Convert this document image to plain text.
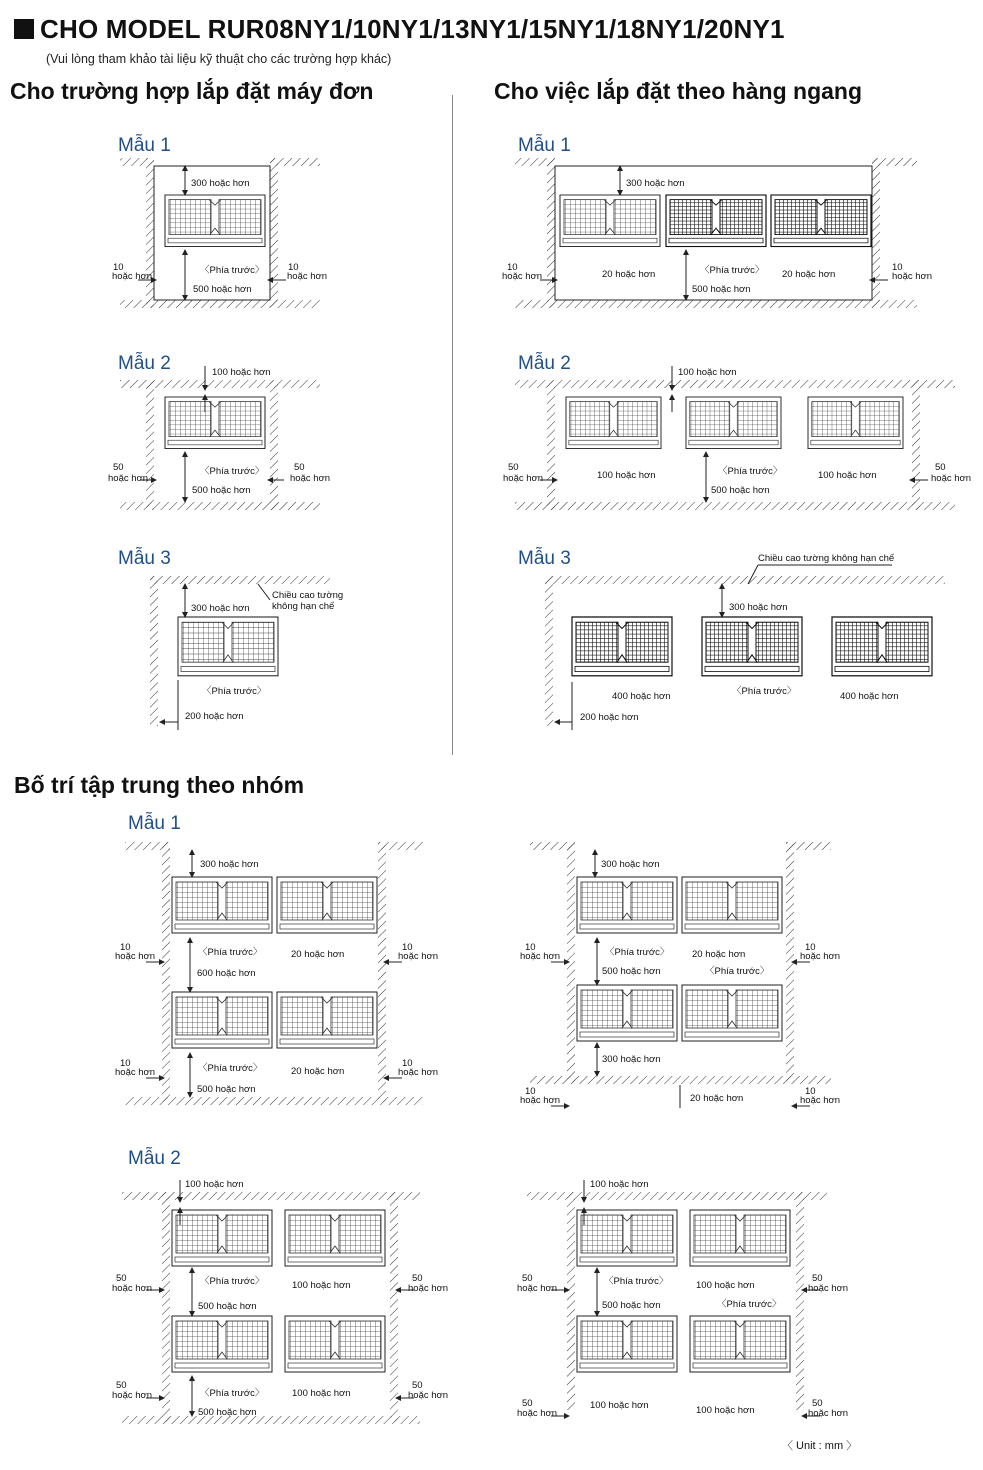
CHO MODEL RUR08NY1/10NY1/13NY1/15NY1/18NY1/20NY1
(Vui lòng tham khảo tài liệu kỹ thuật cho các trường hợp khác)
Cho trường hợp lắp đặt máy đơn	Cho việc lắp đặt theo hàng ngang
Bố trí tập trung theo nhóm
〈 Unit : mm 〉
Mẫu 1
300 hoặc hơn
〈Phía trước〉
500 hoặc hơn
10
hoặc hơn
10
hoặc hơn
Mẫu 2	100 hoặc hơn
〈Phía trước〉
500 hoặc hơn
50
hoặc hơn
50
hoặc hơn
Mẫu 3
300 hoặc hơn
Chiều cao tường
không hạn chế
〈Phía trước〉
200 hoặc hơn
Mẫu 1
300 hoặc hơn
〈Phía trước〉
500 hoặc hơn
20 hoặc hơn	20 hoặc hơn
10
hoặc hơn
10
hoặc hơn
Mẫu 2	100 hoặc hơn
〈Phía trước〉
500 hoặc hơn
100 hoặc hơn	100 hoặc hơn
50
hoặc hơn
50
hoặc hơn
Mẫu 3
300 hoặc hơn
Chiều cao tường không hạn chế
〈Phía trước〉
400 hoặc hơn	400 hoặc hơn
200 hoặc hơn
Mẫu 1
300 hoặc hơn
〈Phía trước〉
600 hoặc hơn
20 hoặc hơn
〈Phía trước〉
500 hoặc hơn
20 hoặc hơn
10
hoặc hơn
10
hoặc hơn
10
hoặc hơn
10
hoặc hơn
300 hoặc hơn
〈Phía trước〉
500 hoặc hơn
20 hoặc hơn
〈Phía trước〉
300 hoặc hơn
20 hoặc hơn
10
hoặc hơn
10
hoặc hơn
10
hoặc hơn
10
hoặc hơn
Mẫu 2
100 hoặc hơn
〈Phía trước〉
500 hoặc hơn
100 hoặc hơn
〈Phía trước〉
500 hoặc hơn
100 hoặc hơn
50
hoặc hơn
50
hoặc hơn
50
hoặc hơn
50
hoặc hơn
100 hoặc hơn
〈Phía trước〉
500 hoặc hơn
100 hoặc hơn
〈Phía trước〉
100 hoặc hơn	100 hoặc hơn
50
hoặc hơn
50
hoặc hơn
50
hoặc hơn
50
hoặc hơn
